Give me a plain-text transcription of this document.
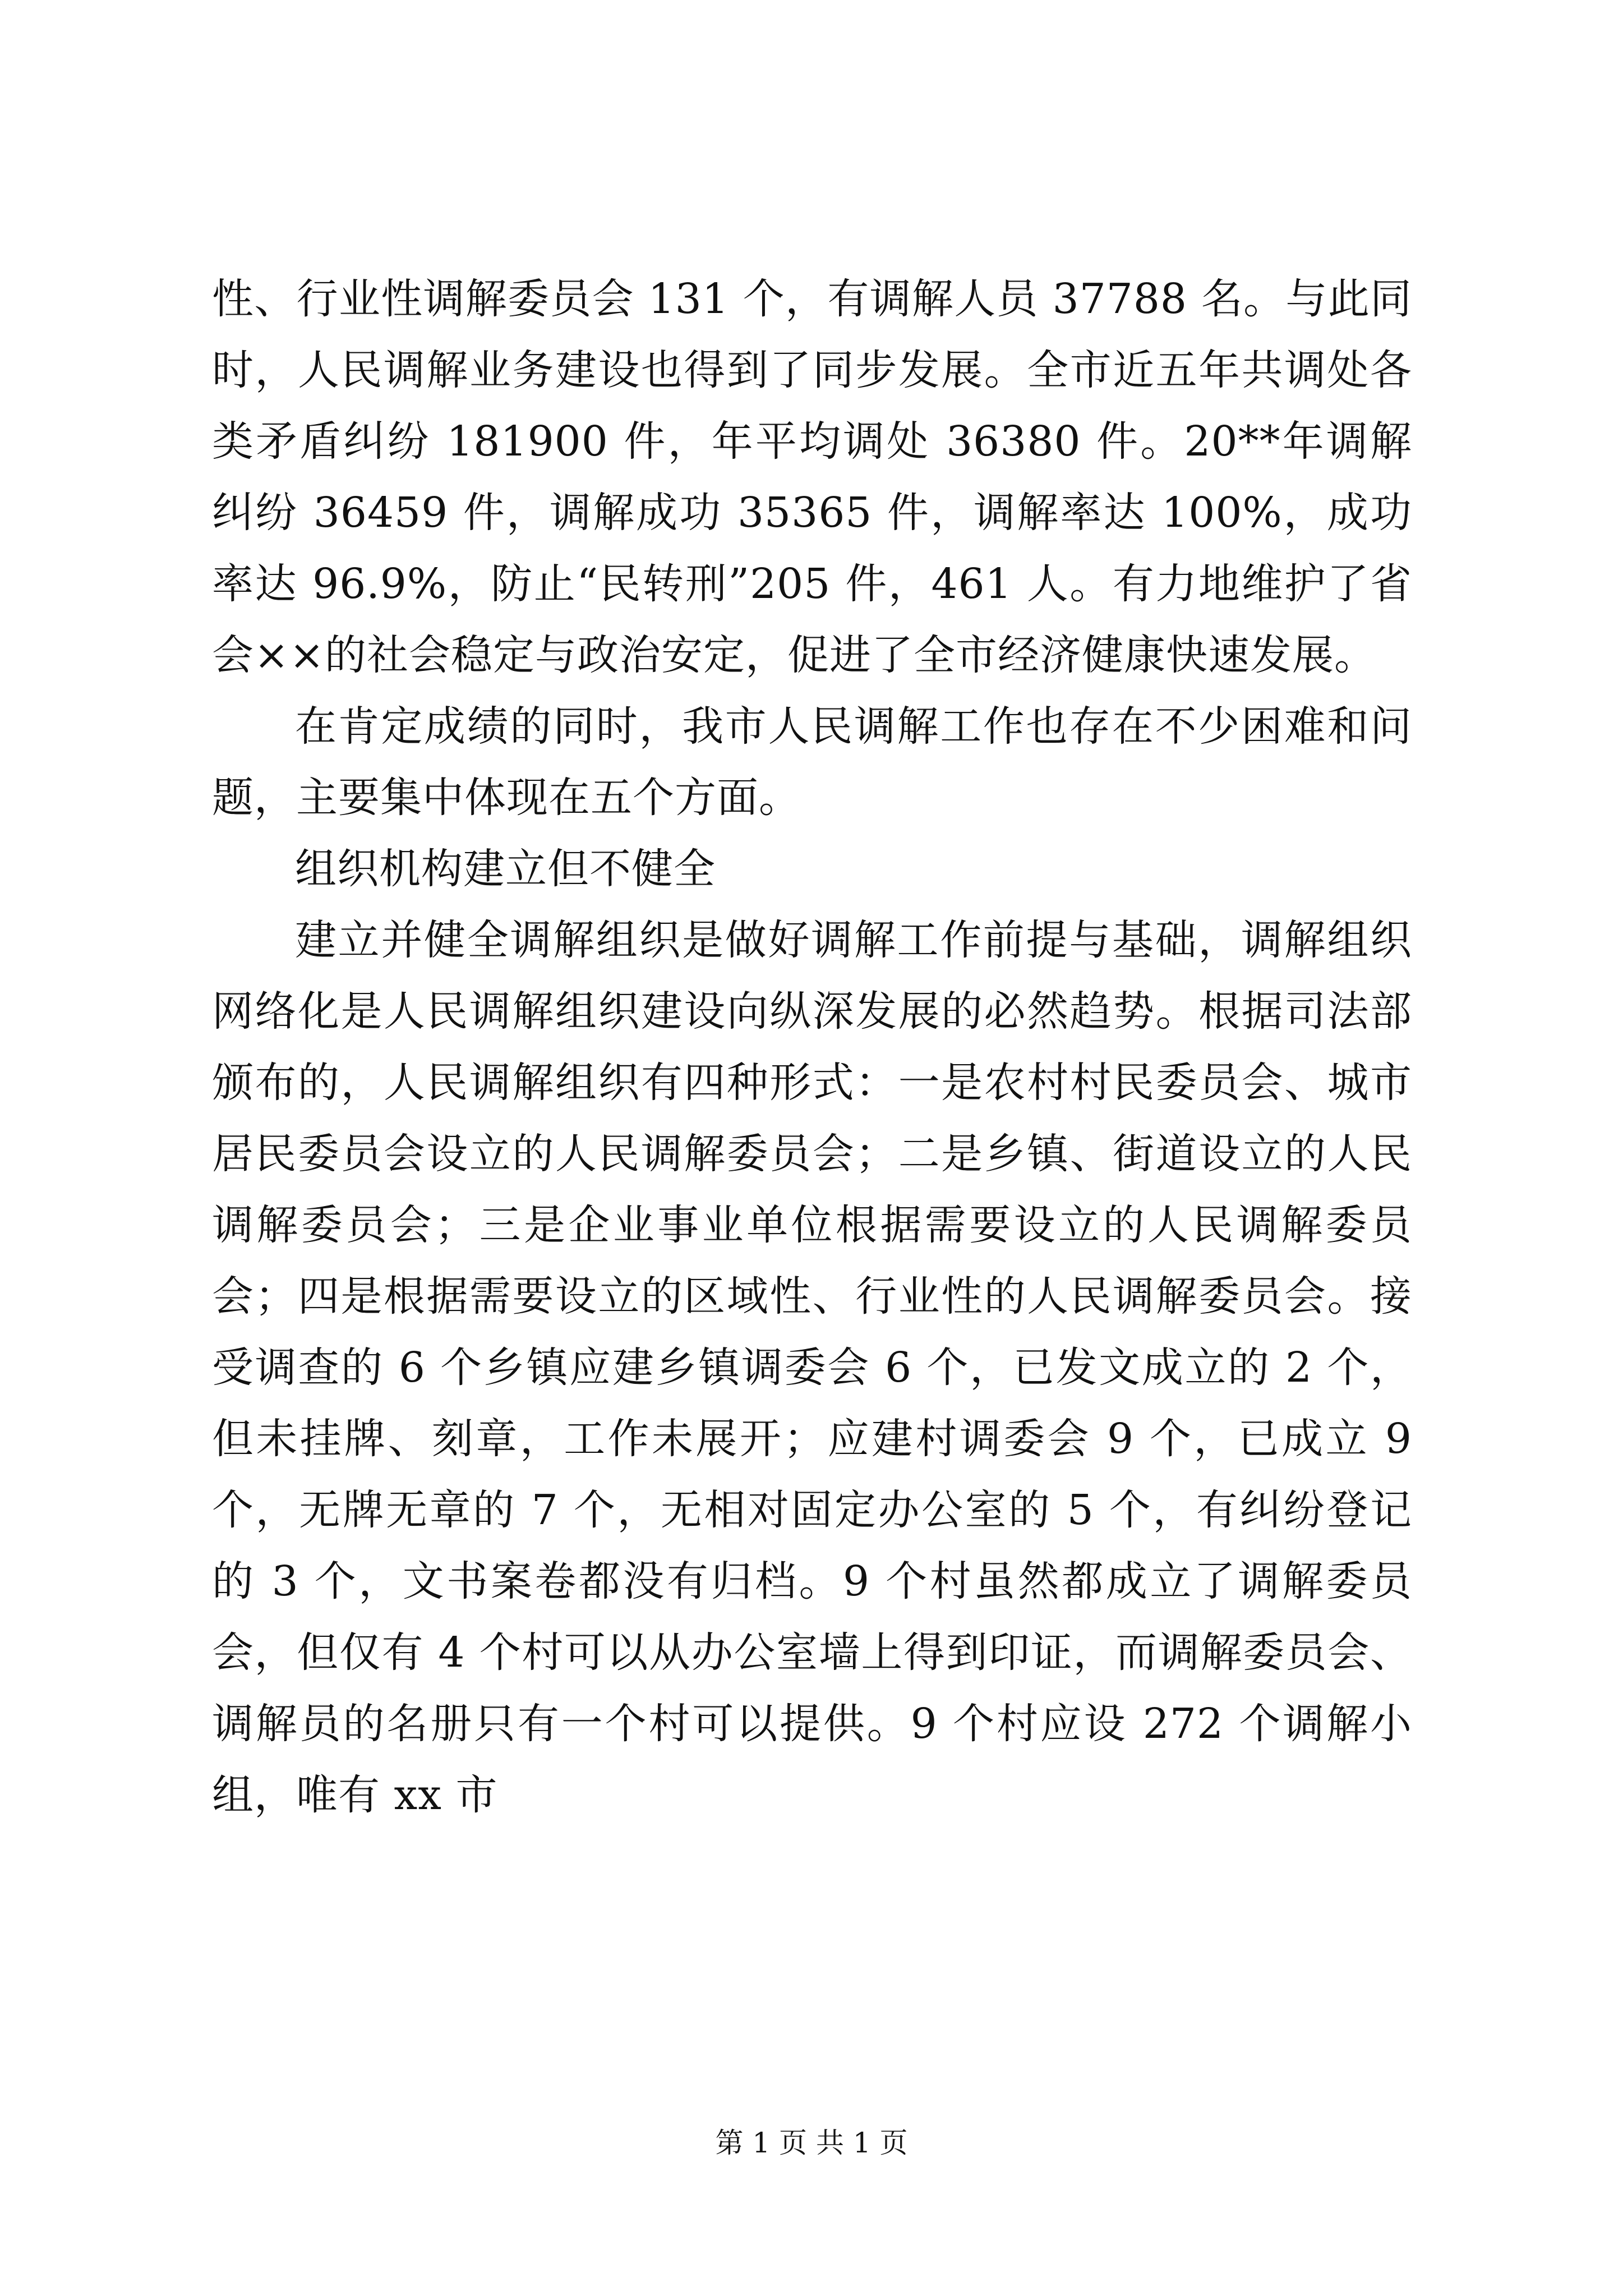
性、行业性调解委员会 131 个，有调解人员 37788 名。与此同时，人民调解业务建设也得到了同步发展。全市近五年共调处各类矛盾纠纷 181900 件，年平均调处 36380 件。20**年调解纠纷 36459 件，调解成功 35365 件，调解率达 100%，成功率达 96.9%，防止“民转刑”205 件，461 人。有力地维护了省会××的社会稳定与政治安定，促进了全市经济健康快速发展。

在肯定成绩的同时，我市人民调解工作也存在不少困难和问题，主要集中体现在五个方面。

组织机构建立但不健全

建立并健全调解组织是做好调解工作前提与基础，调解组织网络化是人民调解组织建设向纵深发展的必然趋势。根据司法部颁布的，人民调解组织有四种形式：一是农村村民委员会、城市居民委员会设立的人民调解委员会；二是乡镇、街道设立的人民调解委员会；三是企业事业单位根据需要设立的人民调解委员会；四是根据需要设立的区域性、行业性的人民调解委员会。接受调查的 6 个乡镇应建乡镇调委会 6 个，已发文成立的 2 个，但未挂牌、刻章，工作未展开；应建村调委会 9 个，已成立 9 个，无牌无章的 7 个，无相对固定办公室的 5 个，有纠纷登记的 3 个，文书案卷都没有归档。9 个村虽然都成立了调解委员会，但仅有 4 个村可以从办公室墙上得到印证，而调解委员会、调解员的名册只有一个村可以提供。9 个村应设 272 个调解小组，唯有 xx 市

第 1 页 共 1 页
